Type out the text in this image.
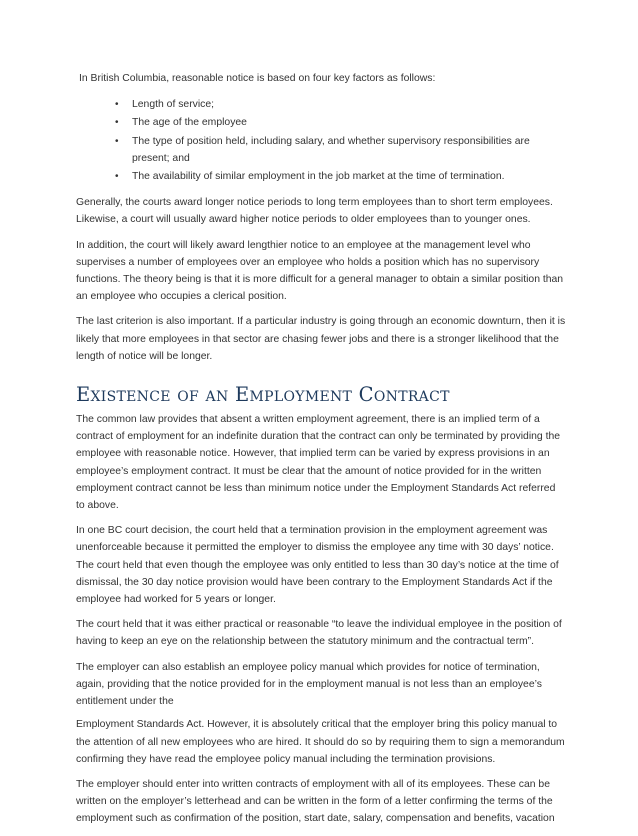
In British Columbia, reasonable notice is based on four key factors as follows:

• Length of service;
• The age of the employee
• The type of position held, including salary, and whether supervisory responsibilities are present; and
• The availability of similar employment in the job market at the time of termination.

Generally, the courts award longer notice periods to long term employees than to short term employees. Likewise, a court will usually award higher notice periods to older employees than to younger ones.

In addition, the court will likely award lengthier notice to an employee at the management level who supervises a number of employees over an employee who holds a position which has no supervisory functions. The theory being is that it is more difficult for a general manager to obtain a similar position than an employee who occupies a clerical position.

The last criterion is also important. If a particular industry is going through an economic downturn, then it is likely that more employees in that sector are chasing fewer jobs and there is a stronger likelihood that the length of notice will be longer.

Existence of an Employment Contract

The common law provides that absent a written employment agreement, there is an implied term of a contract of employment for an indefinite duration that the contract can only be terminated by providing the employee with reasonable notice. However, that implied term can be varied by express provisions in an employee’s employment contract. It must be clear that the amount of notice provided for in the written employment contract cannot be less than minimum notice under the Employment Standards Act referred to above.

In one BC court decision, the court held that a termination provision in the employment agreement was unenforceable because it permitted the employer to dismiss the employee any time with 30 days’ notice. The court held that even though the employee was only entitled to less than 30 day’s notice at the time of dismissal, the 30 day notice provision would have been contrary to the Employment Standards Act if the employee had worked for 5 years or longer.

The court held that it was either practical or reasonable “to leave the individual employee in the position of having to keep an eye on the relationship between the statutory minimum and the contractual term”.

The employer can also establish an employee policy manual which provides for notice of termination, again, providing that the notice provided for in the employment manual is not less than an employee’s entitlement under the

Employment Standards Act. However, it is absolutely critical that the employer bring this policy manual to the attention of all new employees who are hired. It should do so by requiring them to sign a memorandum confirming they have read the employee policy manual including the termination provisions.

The employer should enter into written contracts of employment with all of its employees. These can be written on the employer’s letterhead and can be written in the form of a letter confirming the terms of the employment such as confirmation of the position, start date, salary, compensation and benefits, vacation
